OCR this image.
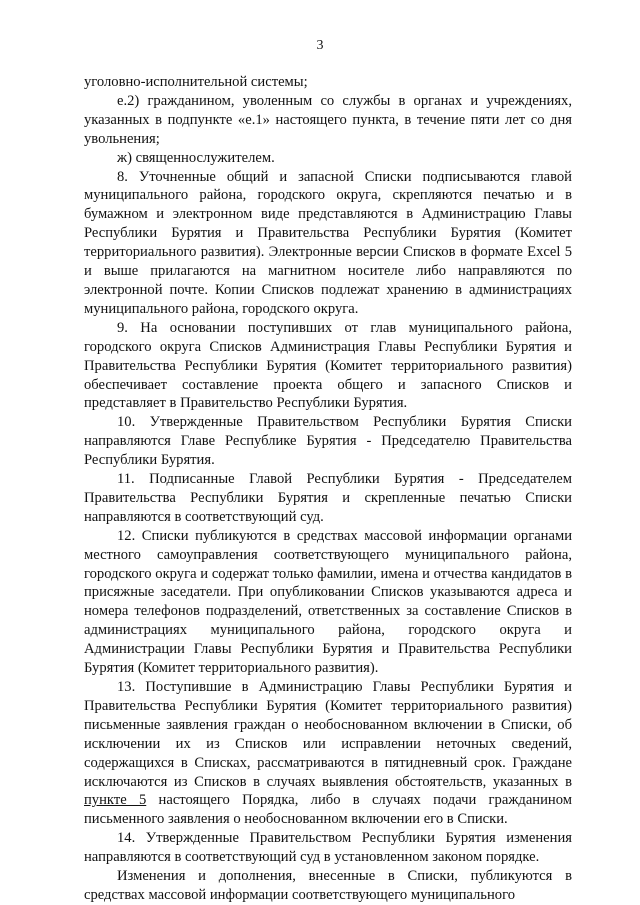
3

уголовно-исполнительной системы;

е.2) гражданином, уволенным со службы в органах и учреждениях, указанных в подпункте «е.1» настоящего пункта, в течение пяти лет со дня увольнения;

ж) священнослужителем.

8. Уточненные общий и запасной Списки подписываются главой муниципального района, городского округа, скрепляются печатью и в бумажном и электронном виде представляются в Администрацию Главы Республики Бурятия и Правительства Республики Бурятия (Комитет территориального развития). Электронные версии Списков в формате Excel 5 и выше прилагаются на магнитном носителе либо направляются по электронной почте. Копии Списков подлежат хранению в администрациях муниципального района, городского округа.

9. На основании поступивших от глав муниципального района, городского округа Списков Администрация Главы Республики Бурятия и Правительства Республики Бурятия (Комитет территориального развития) обеспечивает составление проекта общего и запасного Списков и представляет в Правительство Республики Бурятия.

10. Утвержденные Правительством Республики Бурятия Списки направляются Главе Республике Бурятия - Председателю Правительства Республики Бурятия.

11. Подписанные Главой Республики Бурятия - Председателем Правительства Республики Бурятия и скрепленные печатью Списки направляются в соответствующий суд.

12. Списки публикуются в средствах массовой информации органами местного самоуправления соответствующего муниципального района, городского округа и содержат только фамилии, имена и отчества кандидатов в присяжные заседатели. При опубликовании Списков указываются адреса и номера телефонов подразделений, ответственных за составление Списков в администрациях муниципального района, городского округа и Администрации Главы Республики Бурятия и Правительства Республики Бурятия (Комитет территориального развития).

13. Поступившие в Администрацию Главы Республики Бурятия и Правительства Республики Бурятия (Комитет территориального развития) письменные заявления граждан о необоснованном включении в Списки, об исключении их из Списков или исправлении неточных сведений, содержащихся в Списках, рассматриваются в пятидневный срок. Граждане исключаются из Списков в случаях выявления обстоятельств, указанных в пункте 5 настоящего Порядка, либо в случаях подачи гражданином письменного заявления о необоснованном включении его в Списки.

14. Утвержденные Правительством Республики Бурятия изменения направляются в соответствующий суд в установленном законом порядке.

Изменения и дополнения, внесенные в Списки, публикуются в средствах массовой информации соответствующего муниципального
